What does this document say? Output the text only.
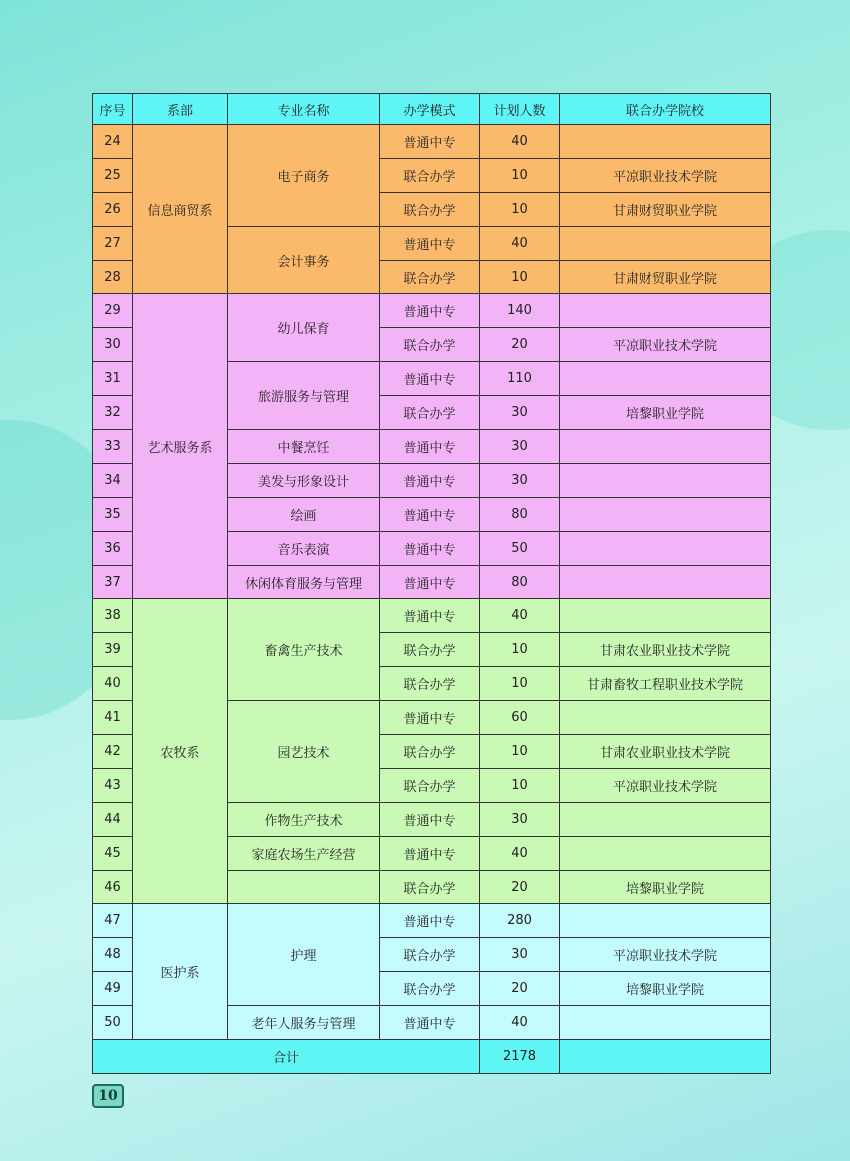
序号	系部	专业名称	办学模式	计划人数	联合办学院校
24	信息商贸系	电子商务	普通中专	40	
25			联合办学	10	平凉职业技术学院
26			联合办学	10	甘肃财贸职业学院
27		会计事务	普通中专	40	
28			联合办学	10	甘肃财贸职业学院
29	艺术服务系	幼儿保育	普通中专	140	
30			联合办学	20	平凉职业技术学院
31		旅游服务与管理	普通中专	110	
32			联合办学	30	培黎职业学院
33		中餐烹饪	普通中专	30	
34		美发与形象设计	普通中专	30	
35		绘画	普通中专	80	
36		音乐表演	普通中专	50	
37		休闲体育服务与管理	普通中专	80	
38	农牧系	畜禽生产技术	普通中专	40	
39			联合办学	10	甘肃农业职业技术学院
40			联合办学	10	甘肃畜牧工程职业技术学院
41		园艺技术	普通中专	60	
42			联合办学	10	甘肃农业职业技术学院
43			联合办学	10	平凉职业技术学院
44		作物生产技术	普通中专	30	
45		家庭农场生产经营	普通中专	40	
46			联合办学	20	培黎职业学院
47	医护系	护理	普通中专	280	
48			联合办学	30	平凉职业技术学院
49			联合办学	20	培黎职业学院
50		老年人服务与管理	普通中专	40	
合计				2178	
10
